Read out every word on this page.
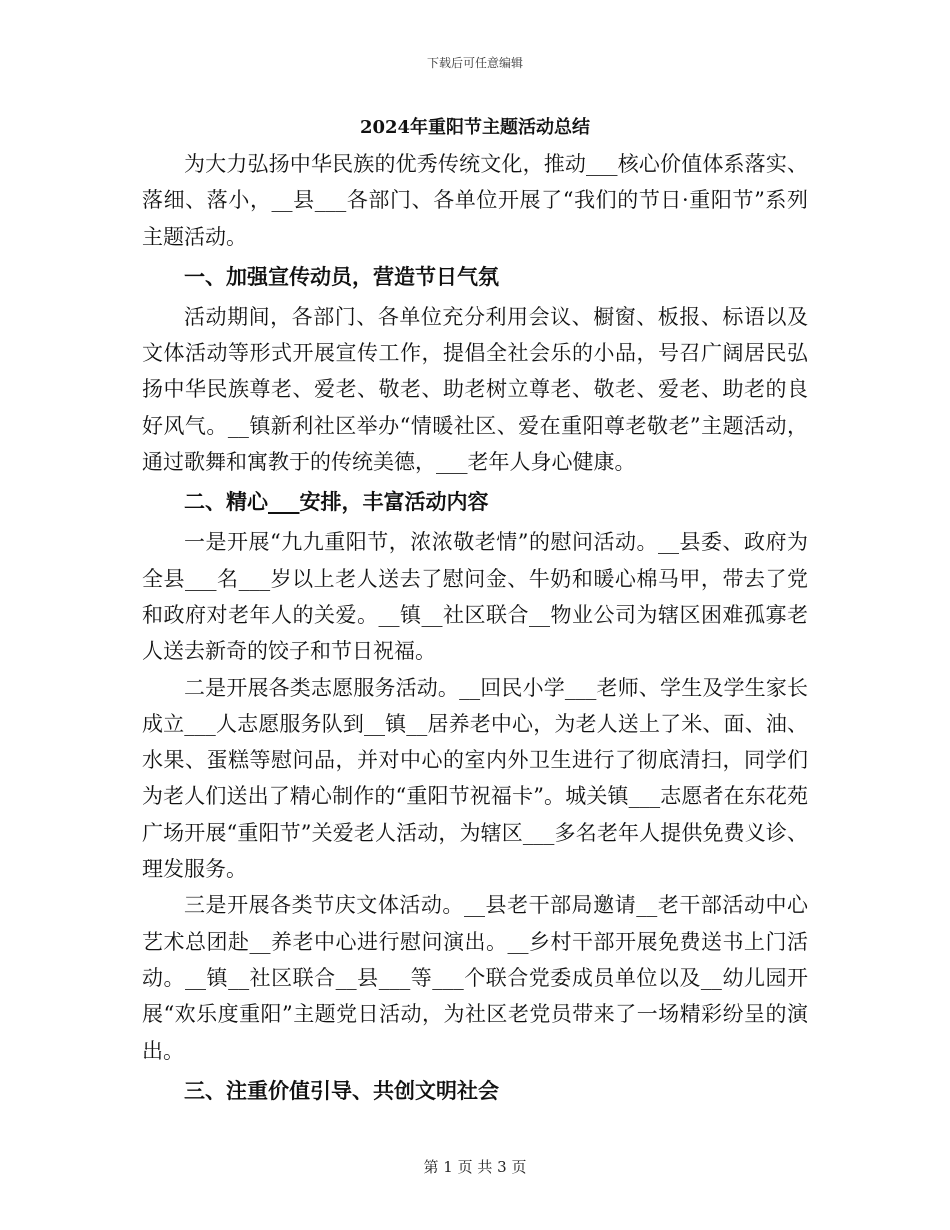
下载后可任意编辑
2024年重阳节主题活动总结

为大力弘扬中华民族的优秀传统文化，推动___核心价值体系落实、落细、落小，__县___各部门、各单位开展了“我们的节日·重阳节”系列主题活动。

一、加强宣传动员，营造节日气氛

活动期间，各部门、各单位充分利用会议、橱窗、板报、标语以及文体活动等形式开展宣传工作，提倡全社会乐的小品，号召广阔居民弘扬中华民族尊老、爱老、敬老、助老树立尊老、敬老、爱老、助老的良好风气。__镇新利社区举办“情暖社区、爱在重阳尊老敬老”主题活动，通过歌舞和寓教于的传统美德，___老年人身心健康。

二、精心___安排，丰富活动内容

一是开展“九九重阳节，浓浓敬老情”的慰问活动。__县委、政府为全县___名___岁以上老人送去了慰问金、牛奶和暖心棉马甲，带去了党和政府对老年人的关爱。__镇__社区联合__物业公司为辖区困难孤寡老人送去新奇的饺子和节日祝福。

二是开展各类志愿服务活动。__回民小学___老师、学生及学生家长成立___人志愿服务队到__镇__居养老中心，为老人送上了米、面、油、水果、蛋糕等慰问品，并对中心的室内外卫生进行了彻底清扫，同学们为老人们送出了精心制作的“重阳节祝福卡”。城关镇___志愿者在东花苑广场开展“重阳节”关爱老人活动，为辖区___多名老年人提供免费义诊、理发服务。

三是开展各类节庆文体活动。__县老干部局邀请__老干部活动中心艺术总团赴__养老中心进行慰问演出。__乡村干部开展免费送书上门活动。__镇__社区联合__县___等___个联合党委成员单位以及__幼儿园开展“欢乐度重阳”主题党日活动，为社区老党员带来了一场精彩纷呈的演出。

三、注重价值引导、共创文明社会
第 1 页 共 3 页
